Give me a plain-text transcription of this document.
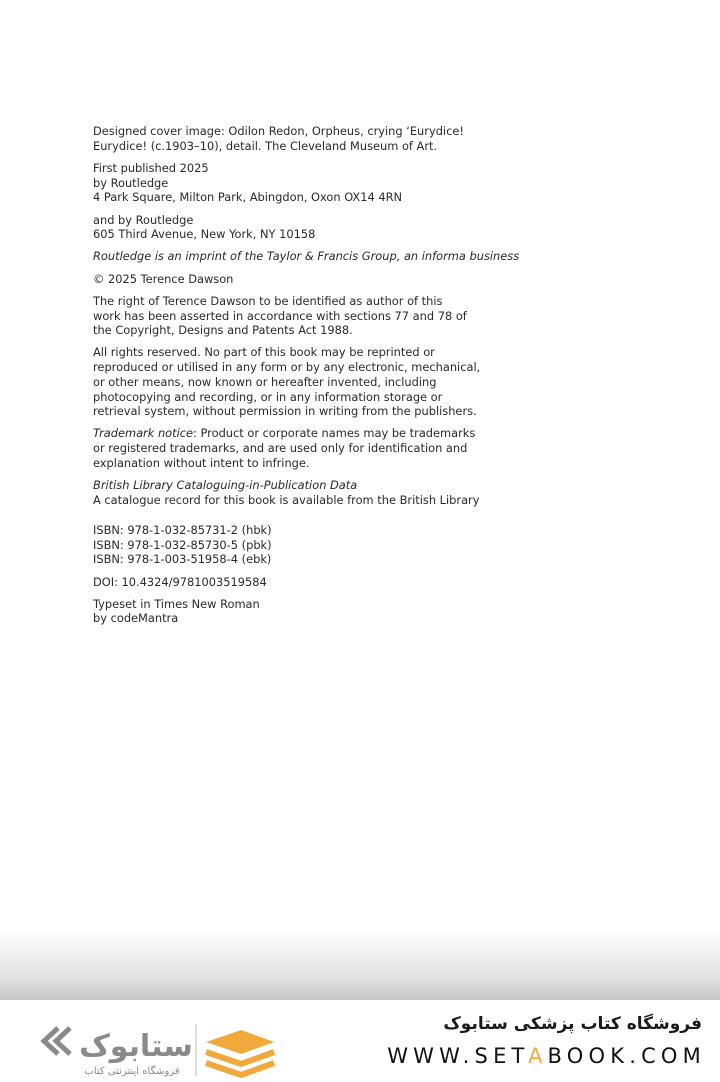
Designed cover image: Odilon Redon, Orpheus, crying ‘Eurydice!
Eurydice! (c.1903–10), detail. The Cleveland Museum of Art.
First published 2025
by Routledge
4 Park Square, Milton Park, Abingdon, Oxon OX14 4RN
and by Routledge
605 Third Avenue, New York, NY 10158
Routledge is an imprint of the Taylor & Francis Group, an informa business
© 2025 Terence Dawson
The right of Terence Dawson to be identified as author of this
work has been asserted in accordance with sections 77 and 78 of
the Copyright, Designs and Patents Act 1988.
All rights reserved. No part of this book may be reprinted or
reproduced or utilised in any form or by any electronic, mechanical,
or other means, now known or hereafter invented, including
photocopying and recording, or in any information storage or
retrieval system, without permission in writing from the publishers.
Trademark notice: Product or corporate names may be trademarks
or registered trademarks, and are used only for identification and
explanation without intent to infringe.
British Library Cataloguing-in-Publication Data
A catalogue record for this book is available from the British Library
ISBN: 978-1-032-85731-2 (hbk)
ISBN: 978-1-032-85730-5 (pbk)
ISBN: 978-1-003-51958-4 (ebk)
DOI: 10.4324/9781003519584
Typeset in Times New Roman
by codeMantra
ستابوک
فروشگاه اینترنتی کتاب
فروشگاه کتاب پزشکی ستابوک
WWW.SETABOOK.COM
